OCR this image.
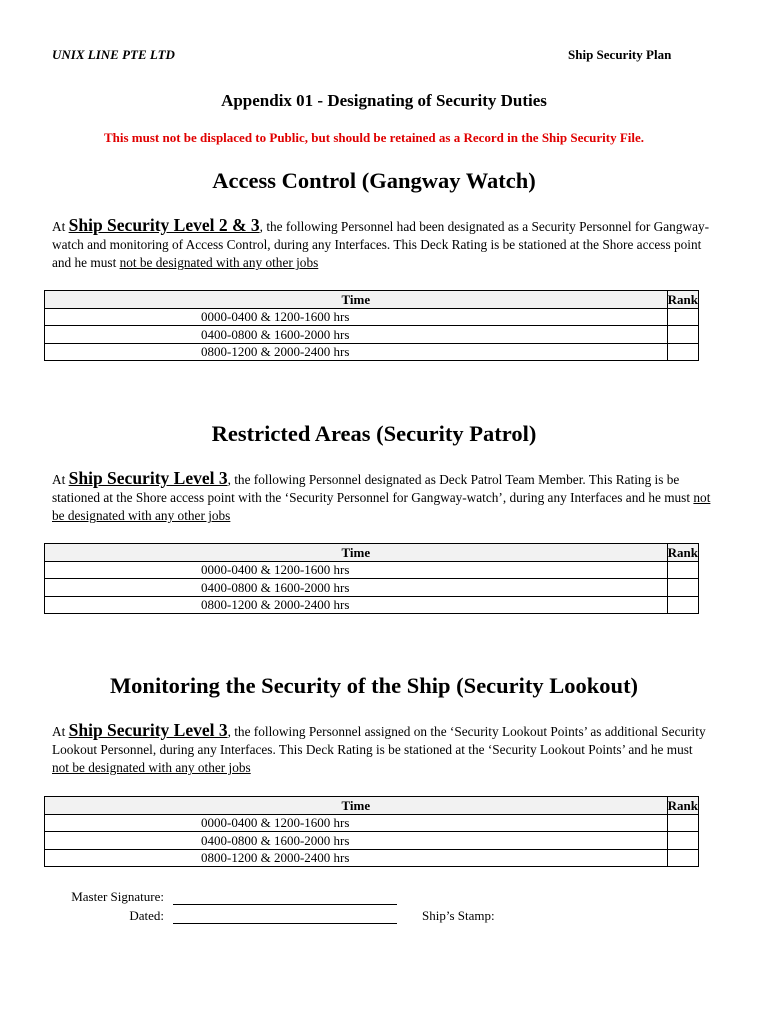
UNIX LINE PTE LTD	Ship Security Plan
Appendix 01 - Designating of Security Duties
This must not be displaced to Public, but should be retained as a Record in the Ship Security File.
Access Control (Gangway Watch)
At Ship Security Level 2 & 3, the following Personnel had been designated as a Security Personnel for Gangway-watch and monitoring of Access Control, during any Interfaces. This Deck Rating is be stationed at the Shore access point and he must not be designated with any other jobs
Time	Rank
0000-0400 & 1200-1600 hrs	
0400-0800 & 1600-2000 hrs	
0800-1200 & 2000-2400 hrs	
Restricted Areas (Security Patrol)
At Ship Security Level 3, the following Personnel designated as Deck Patrol Team Member. This Rating is be stationed at the Shore access point with the ‘Security Personnel for Gangway-watch’, during any Interfaces and he must not be designated with any other jobs
Time	Rank
0000-0400 & 1200-1600 hrs	
0400-0800 & 1600-2000 hrs	
0800-1200 & 2000-2400 hrs	
Monitoring the Security of the Ship (Security Lookout)
At Ship Security Level 3, the following Personnel assigned on the ‘Security Lookout Points’ as additional Security Lookout Personnel, during any Interfaces. This Deck Rating is be stationed at the ‘Security Lookout Points’ and he must not be designated with any other jobs
Time	Rank
0000-0400 & 1200-1600 hrs	
0400-0800 & 1600-2000 hrs	
0800-1200 & 2000-2400 hrs	
Master Signature:
Dated:	Ship’s Stamp:
